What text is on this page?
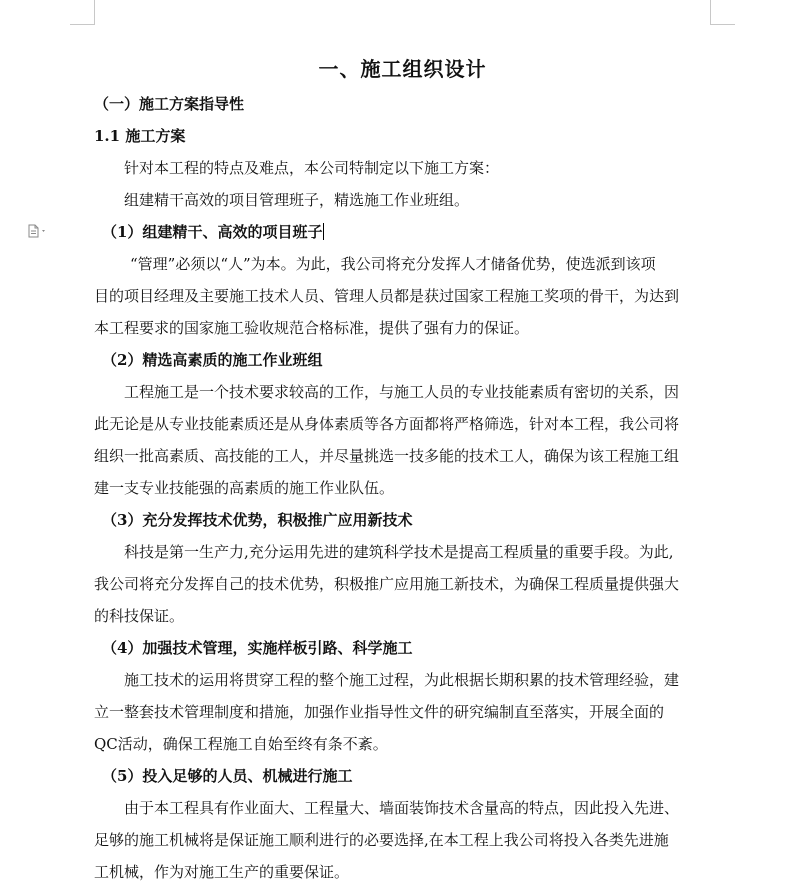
一、施工组织设计
（一）施工方案指导性
1.1 施工方案
针对本工程的特点及难点，本公司特制定以下施工方案：
组建精干高效的项目管理班子，精选施工作业班组。
（1）组建精干、高效的项目班子
“管理”必须以“人”为本。为此，我公司将充分发挥人才储备优势，使选派到该项
目的项目经理及主要施工技术人员、管理人员都是获过国家工程施工奖项的骨干，为达到
本工程要求的国家施工验收规范合格标准，提供了强有力的保证。
（2）精选高素质的施工作业班组
工程施工是一个技术要求较高的工作，与施工人员的专业技能素质有密切的关系，因
此无论是从专业技能素质还是从身体素质等各方面都将严格筛选，针对本工程，我公司将
组织一批高素质、高技能的工人，并尽量挑选一技多能的技术工人，确保为该工程施工组
建一支专业技能强的高素质的施工作业队伍。
（3）充分发挥技术优势，积极推广应用新技术
科技是第一生产力,充分运用先进的建筑科学技术是提高工程质量的重要手段。为此,
我公司将充分发挥自己的技术优势，积极推广应用施工新技术，为确保工程质量提供强大
的科技保证。
（4）加强技术管理，实施样板引路、科学施工
施工技术的运用将贯穿工程的整个施工过程，为此根据长期积累的技术管理经验，建
立一整套技术管理制度和措施，加强作业指导性文件的研究编制直至落实，开展全面的
QC活动，确保工程施工自始至终有条不紊。
（5）投入足够的人员、机械进行施工
由于本工程具有作业面大、工程量大、墙面装饰技术含量高的特点，因此投入先进、
足够的施工机械将是保证施工顺利进行的必要选择,在本工程上我公司将投入各类先进施
工机械，作为对施工生产的重要保证。
